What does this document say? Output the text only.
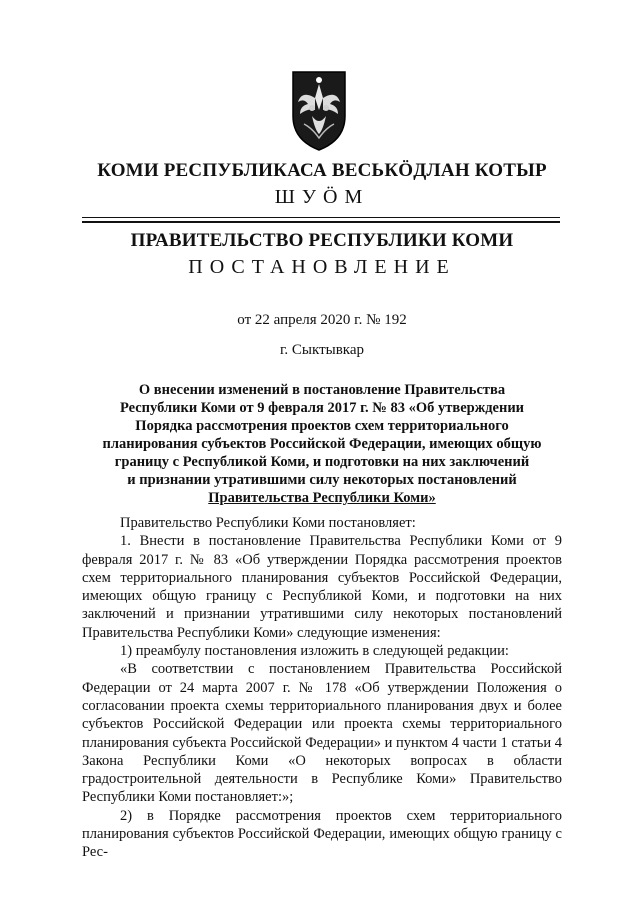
КОМИ РЕСПУБЛИКАСА ВЕСЬКӦДЛАН КОТЫР
ШУӦМ
ПРАВИТЕЛЬСТВО РЕСПУБЛИКИ КОМИ
ПОСТАНОВЛЕНИЕ
от 22 апреля 2020 г. № 192
г. Сыктывкар
О внесении изменений в постановление Правительства
Республики Коми от 9 февраля 2017 г. № 83 «Об утверждении
Порядка рассмотрения проектов схем территориального
планирования субъектов Российской Федерации, имеющих общую
границу с Республикой Коми, и подготовки на них заключений
и признании утратившими силу некоторых постановлений
Правительства Республики Коми»

Правительство Республики Коми постановляет:

1. Внести в постановление Правительства Республики Коми от 9 февраля 2017 г. № 83 «Об утверждении Порядка рассмотрения проектов схем территориального планирования субъектов Российской Федерации, имеющих общую границу с Республикой Коми, и подготовки на них заключений и признании утратившими силу некоторых постановлений Правительства Республики Коми» следующие изменения:

1) преамбулу постановления изложить в следующей редакции:

«В соответствии с постановлением Правительства Российской Федерации от 24 марта 2007 г. № 178 «Об утверждении Положения о согласовании проекта схемы территориального планирования двух и более субъектов Российской Федерации или проекта схемы территориального планирования субъекта Российской Федерации» и пунктом 4 части 1 статьи 4 Закона Республики Коми «О некоторых вопросах в области градостроительной деятельности в Республике Коми» Правительство Республики Коми постановляет:»;

2) в Порядке рассмотрения проектов схем территориального планирования субъектов Российской Федерации, имеющих общую границу с Рес-
